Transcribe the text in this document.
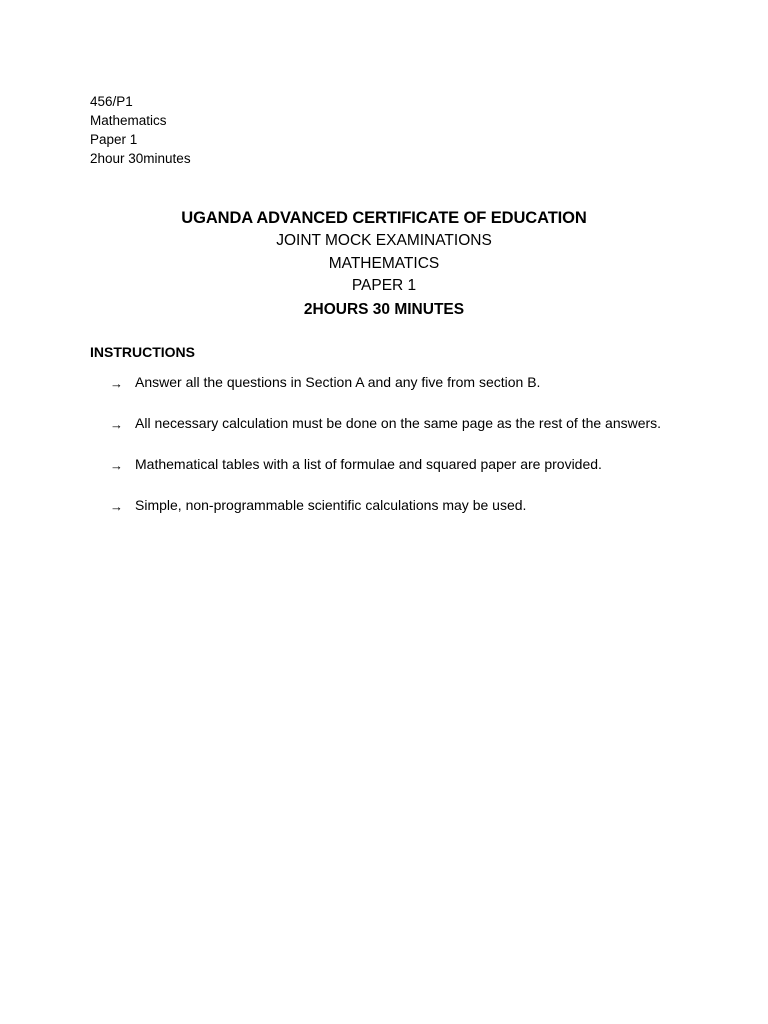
456/P1
Mathematics
Paper 1
2hour 30minutes
UGANDA ADVANCED CERTIFICATE OF EDUCATION
JOINT MOCK EXAMINATIONS
MATHEMATICS
PAPER 1
2HOURS 30 MINUTES
INSTRUCTIONS
→ Answer all the questions in Section A and any five from section B.
→ All necessary calculation must be done on the same page as the rest of the answers.
→ Mathematical tables with a list of formulae and squared paper are provided.
→ Simple, non-programmable scientific calculations may be used.
